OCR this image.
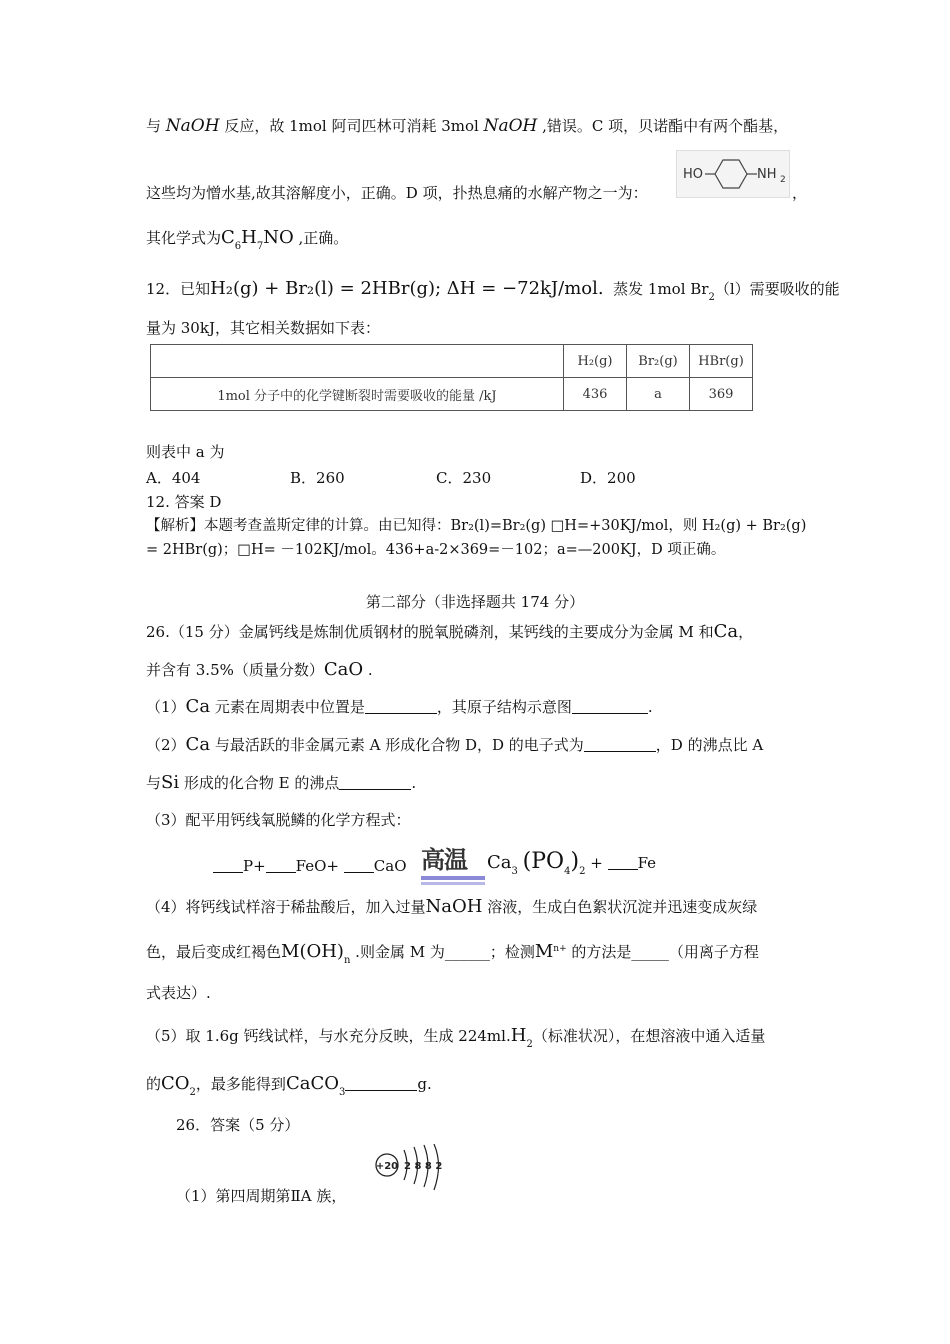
与 NaOH 反应，故 1mol 阿司匹林可消耗 3mol NaOH ,错误。C 项，贝诺酯中有两个酯基，
这些均为憎水基,故其溶解度小，正确。D 项，扑热息痛的水解产物之一为：
HO	NH 2
，
其化学式为$C_6H_7NO$ ,正确。
12．已知H₂(g) + Br₂(l) = 2HBr(g); ΔH = −72kJ/mol. 蒸发 1mol $Br_2(l)$需要吸收的能
量为 30kJ，其它相关数据如下表：
	H₂(g)	Br₂(g)	HBr(g)
1mol 分子中的化学键断裂时需要吸收的能量 /kJ	436	a	369
则表中 a 为
A．404	B．260	C．230	D．200
12. 答案 D
【解析】本题考查盖斯定律的计算。由已知得：Br₂(l)=Br₂(g) □H=+30KJ/mol，则 H₂(g) + Br₂(g)
= 2HBr(g)；□H= －102KJ/mol。436+a-2×369=－102；a=—200KJ，D 项正确。
第二部分（非选择题共 174 分）
26.（15 分）金属钙线是炼制优质钢材的脱氧脱磷剂，某钙线的主要成分为金属 M 和Ca，
并含有 3.5%（质量分数）CaO .
（1）Ca 元素在周期表中位置是	，其原子结构示意图	.
（2）Ca 与最活跃的非金属元素 A 形成化合物 D，D 的电子式为	，D 的沸点比 A
与Si 形成的化合物 E 的沸点	.
（3）配平用钙线氧脱鳞的化学方程式：
P+ FeO+ CaO 高温	$Ca_3$ $(PO_4)_2 + Fe$
（4）将钙线试样溶于稀盐酸后，加入过量NaOH 溶液，生成白色絮状沉淀并迅速变成灰绿
色，最后变成红褐色$M(OH)_n$ .则金属 M 为______；检测$M^{n+}$ 的方法是_____（用离子方程
式表达）.
（5）取 1.6g 钙线试样，与水充分反映，生成 $224ml.H_2$（标准状况），在想溶液中通入适量
的$CO_2$，最多能得到CaCO$_3$	g.
26．答案（5 分）
+20 2 8 8 2
（1）第四周期第ⅡA 族，
